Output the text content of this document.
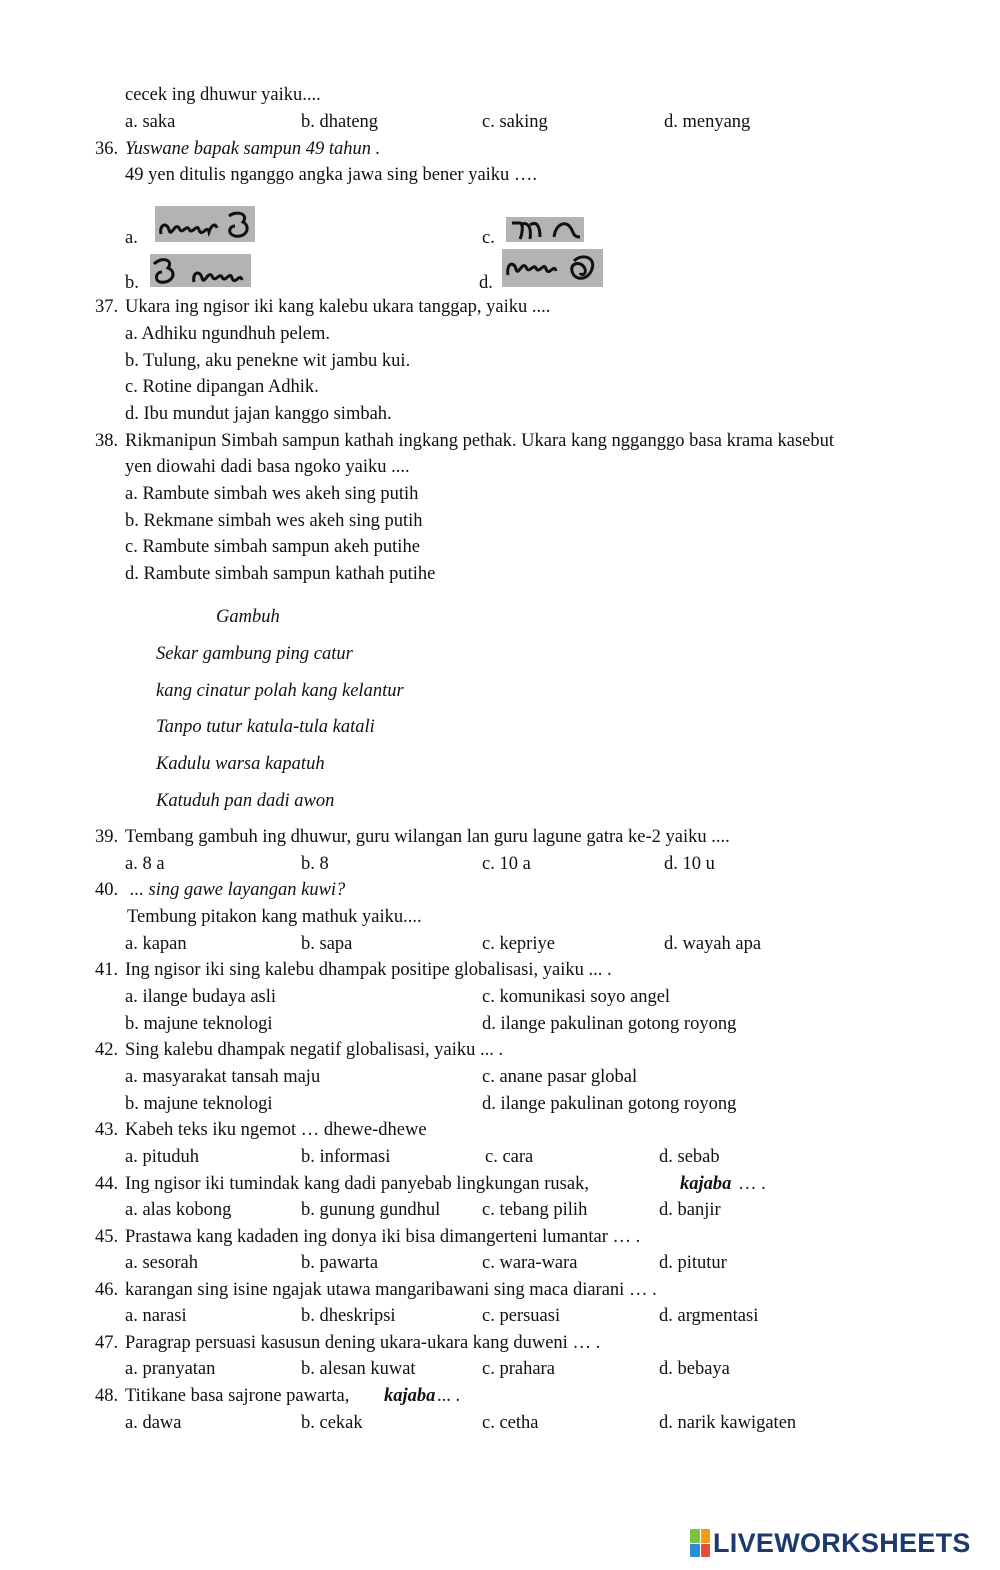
cecek ing dhuwur yaiku....
a. saka	b. dhateng	c. saking	d. menyang
36. Yuswane bapak sampun 49 tahun .
49 yen ditulis nganggo angka jawa sing bener yaiku ….
a.	c.
b.	d.
37. Ukara ing ngisor iki kang kalebu ukara tanggap, yaiku ....
a. Adhiku ngundhuh pelem.
b. Tulung, aku penekne wit jambu kui.
c. Rotine dipangan Adhik.
d. Ibu mundut jajan kanggo simbah.
38. Rikmanipun Simbah sampun kathah ingkang pethak. Ukara kang ngganggo basa krama kasebut
yen diowahi dadi basa ngoko yaiku ....
a. Rambute simbah wes akeh sing putih
b. Rekmane simbah wes akeh sing putih
c. Rambute simbah sampun akeh putihe
d. Rambute simbah sampun kathah putihe
Gambuh
Sekar gambung ping catur
kang cinatur polah kang kelantur
Tanpo tutur katula-tula katali
Kadulu warsa kapatuh
Katuduh pan dadi awon
39. Tembang gambuh ing dhuwur, guru wilangan lan guru lagune gatra ke-2 yaiku ....
a. 8 a	b. 8	c. 10 a	d. 10 u
40. ... sing gawe layangan kuwi?
Tembung pitakon kang mathuk yaiku....
a. kapan	b. sapa	c. kepriye	d. wayah apa
41. Ing ngisor iki sing kalebu dhampak positipe globalisasi, yaiku ... .
a. ilange budaya asli	c. komunikasi soyo angel
b. majune teknologi	d. ilange pakulinan gotong royong
42. Sing kalebu dhampak negatif globalisasi, yaiku ... .
a. masyarakat tansah maju	c. anane pasar global
b. majune teknologi	d. ilange pakulinan gotong royong
43. Kabeh teks iku ngemot … dhewe-dhewe
a. pituduh	b. informasi	c. cara	d. sebab
44. Ing ngisor iki tumindak kang dadi panyebab lingkungan rusak,	kajaba … .
a. alas kobong	b. gunung gundhul c. tebang pilih	d. banjir
45. Prastawa kang kadaden ing donya iki bisa dimangerteni lumantar … .
a. sesorah	b. pawarta	c. wara-wara	d. pitutur
46. karangan sing isine ngajak utawa mangaribawani sing maca diarani … .
a. narasi	b. dheskripsi	c. persuasi	d. argmentasi
47. Paragrap persuasi kasusun dening ukara-ukara kang duweni … .
a. pranyatan	b. alesan kuwat	c. prahara	d. bebaya
48. Titikane basa sajrone pawarta, kajaba ... .
a. dawa	b. cekak	c. cetha	d. narik kawigaten
LIVEWORKSHEETS
